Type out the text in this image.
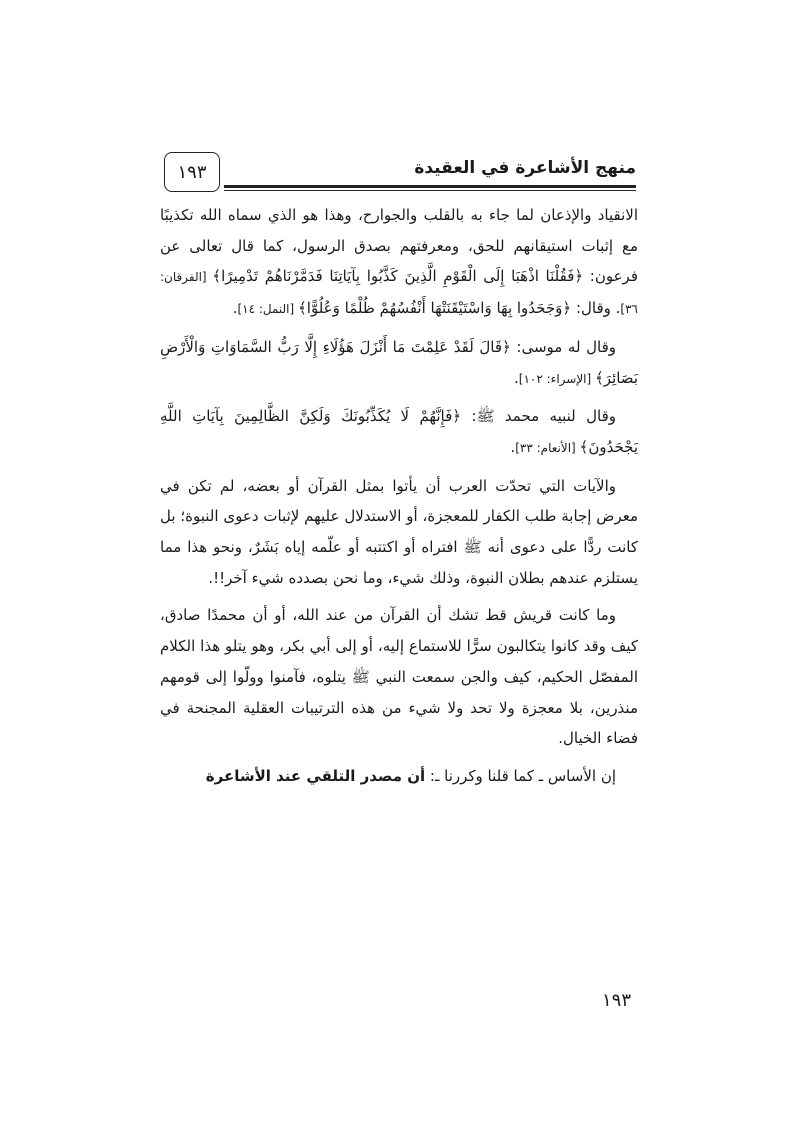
١٩٣	منهج الأشاعرة في العقيدة

الانقياد والإذعان لما جاء به بالقلب والجوارح، وهذا هو الذي سماه الله تكذيبًا مع إثبات استيقانهم للحق، ومعرفتهم بصدق الرسول، كما قال تعالى عن فرعون: ﴿فَقُلْنَا اذْهَبَا إِلَى الْقَوْمِ الَّذِينَ كَذَّبُوا بِآيَاتِنَا فَدَمَّرْنَاهُمْ تَدْمِيرًا﴾ [الفرقان: ٣٦]. وقال: ﴿وَجَحَدُوا بِهَا وَاسْتَيْقَنَتْهَا أَنْفُسُهُمْ ظُلْمًا وَعُلُوًّا﴾ [النمل: ١٤].

وقال له موسى: ﴿قَالَ لَقَدْ عَلِمْتَ مَا أَنْزَلَ هَؤُلَاءِ إِلَّا رَبُّ السَّمَاوَاتِ وَالْأَرْضِ بَصَائِرَ﴾ [الإسراء: ١٠٢].

وقال لنبيه محمد ﷺ: ﴿فَإِنَّهُمْ لَا يُكَذِّبُونَكَ وَلَكِنَّ الظَّالِمِينَ بِآيَاتِ اللَّهِ يَجْحَدُونَ﴾ [الأنعام: ٣٣].

والآيات التي تحدّت العرب أن يأتوا بمثل القرآن أو بعضه، لم تكن في معرض إجابة طلب الكفار للمعجزة، أو الاستدلال عليهم لإثبات دعوى النبوة؛ بل كانت ردًّا على دعوى أنه ﷺ افتراه أو اكتتبه أو علّمه إياه بَشَرٌ، ونحو هذا مما يستلزم عندهم بطلان النبوة، وذلك شيء، وما نحن بصدده شيء آخر!!.

وما كانت قريش قط تشك أن القرآن من عند الله، أو أن محمدًا صادق، كيف وقد كانوا يتكالبون سرًّا للاستماع إليه، أو إلى أبي بكر، وهو يتلو هذا الكلام المفصّل الحكيم، كيف والجن سمعت النبي ﷺ يتلوه، فآمنوا وولّوا إلى قومهم منذرين، بلا معجزة ولا تحد ولا شيء من هذه الترتيبات العقلية المجنحة في فضاء الخيال.

إن الأساس ـ كما قلنا وكررنا ـ: أن مصدر التلقي عند الأشاعرة

١٩٣
